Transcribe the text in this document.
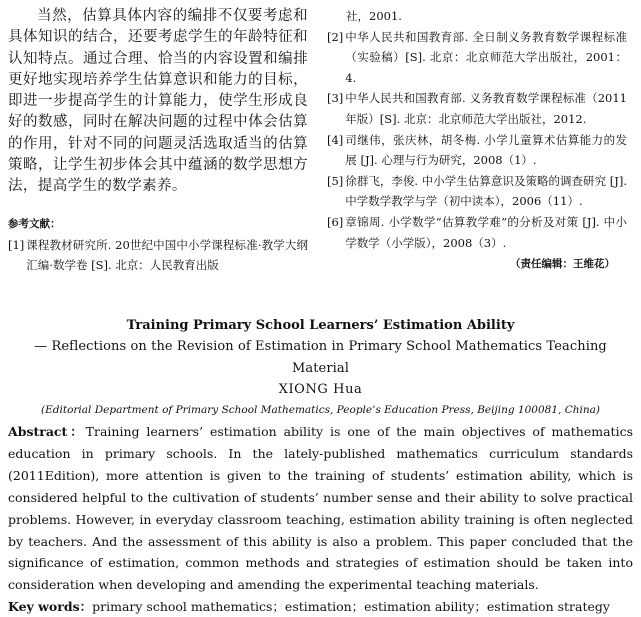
当然，估算具体内容的编排不仅要考虑和具体知识的结合，还要考虑学生的年龄特征和认知特点。通过合理、恰当的内容设置和编排更好地实现培养学生估算意识和能力的目标，即进一步提高学生的计算能力，使学生形成良好的数感，同时在解决问题的过程中体会估算的作用，针对不同的问题灵活选取适当的估算策略，让学生初步体会其中蕴涵的数学思想方法，提高学生的数学素养。

参考文献：
[1] 课程教材研究所. 20世纪中国中小学课程标准·教学大纲汇编·数学卷 [S]. 北京：人民教育出版
社，2001.
[2] 中华人民共和国教育部. 全日制义务教育数学课程标准（实验稿）[S]. 北京：北京师范大学出版社，2001：4.
[3] 中华人民共和国教育部. 义务教育数学课程标准（2011年版）[S]. 北京：北京师范大学出版社，2012.
[4] 司继伟，张庆林，胡冬梅. 小学儿童算术估算能力的发展 [J]. 心理与行为研究，2008（1）.
[5] 徐群飞，李俊. 中小学生估算意识及策略的调查研究 [J]. 中学数学教学与学（初中读本），2006（11）.
[6] 章锦周. 小学数学“估算教学难”的分析及对策 [J]. 中小学数学（小学版），2008（3）.
（责任编辑：王维花）
Training Primary School Learners’ Estimation Ability
— Reflections on the Revision of Estimation in Primary School Mathematics Teaching Material
XIONG Hua
(Editorial Department of Primary School Mathematics, People’s Education Press, Beijing 100081, China)

Abstract：Training learners’ estimation ability is one of the main objectives of mathematics education in primary schools. In the lately-published mathematics curriculum standards (2011Edition), more attention is given to the training of students’ estimation ability, which is considered helpful to the cultivation of students’ number sense and their ability to solve practical problems. However, in everyday classroom teaching, estimation ability training is often neglected by teachers. And the assessment of this ability is also a problem. This paper concluded that the significance of estimation, common methods and strategies of estimation should be taken into consideration when developing and amending the experimental teaching materials.

Key words：primary school mathematics；estimation；estimation ability；estimation strategy
